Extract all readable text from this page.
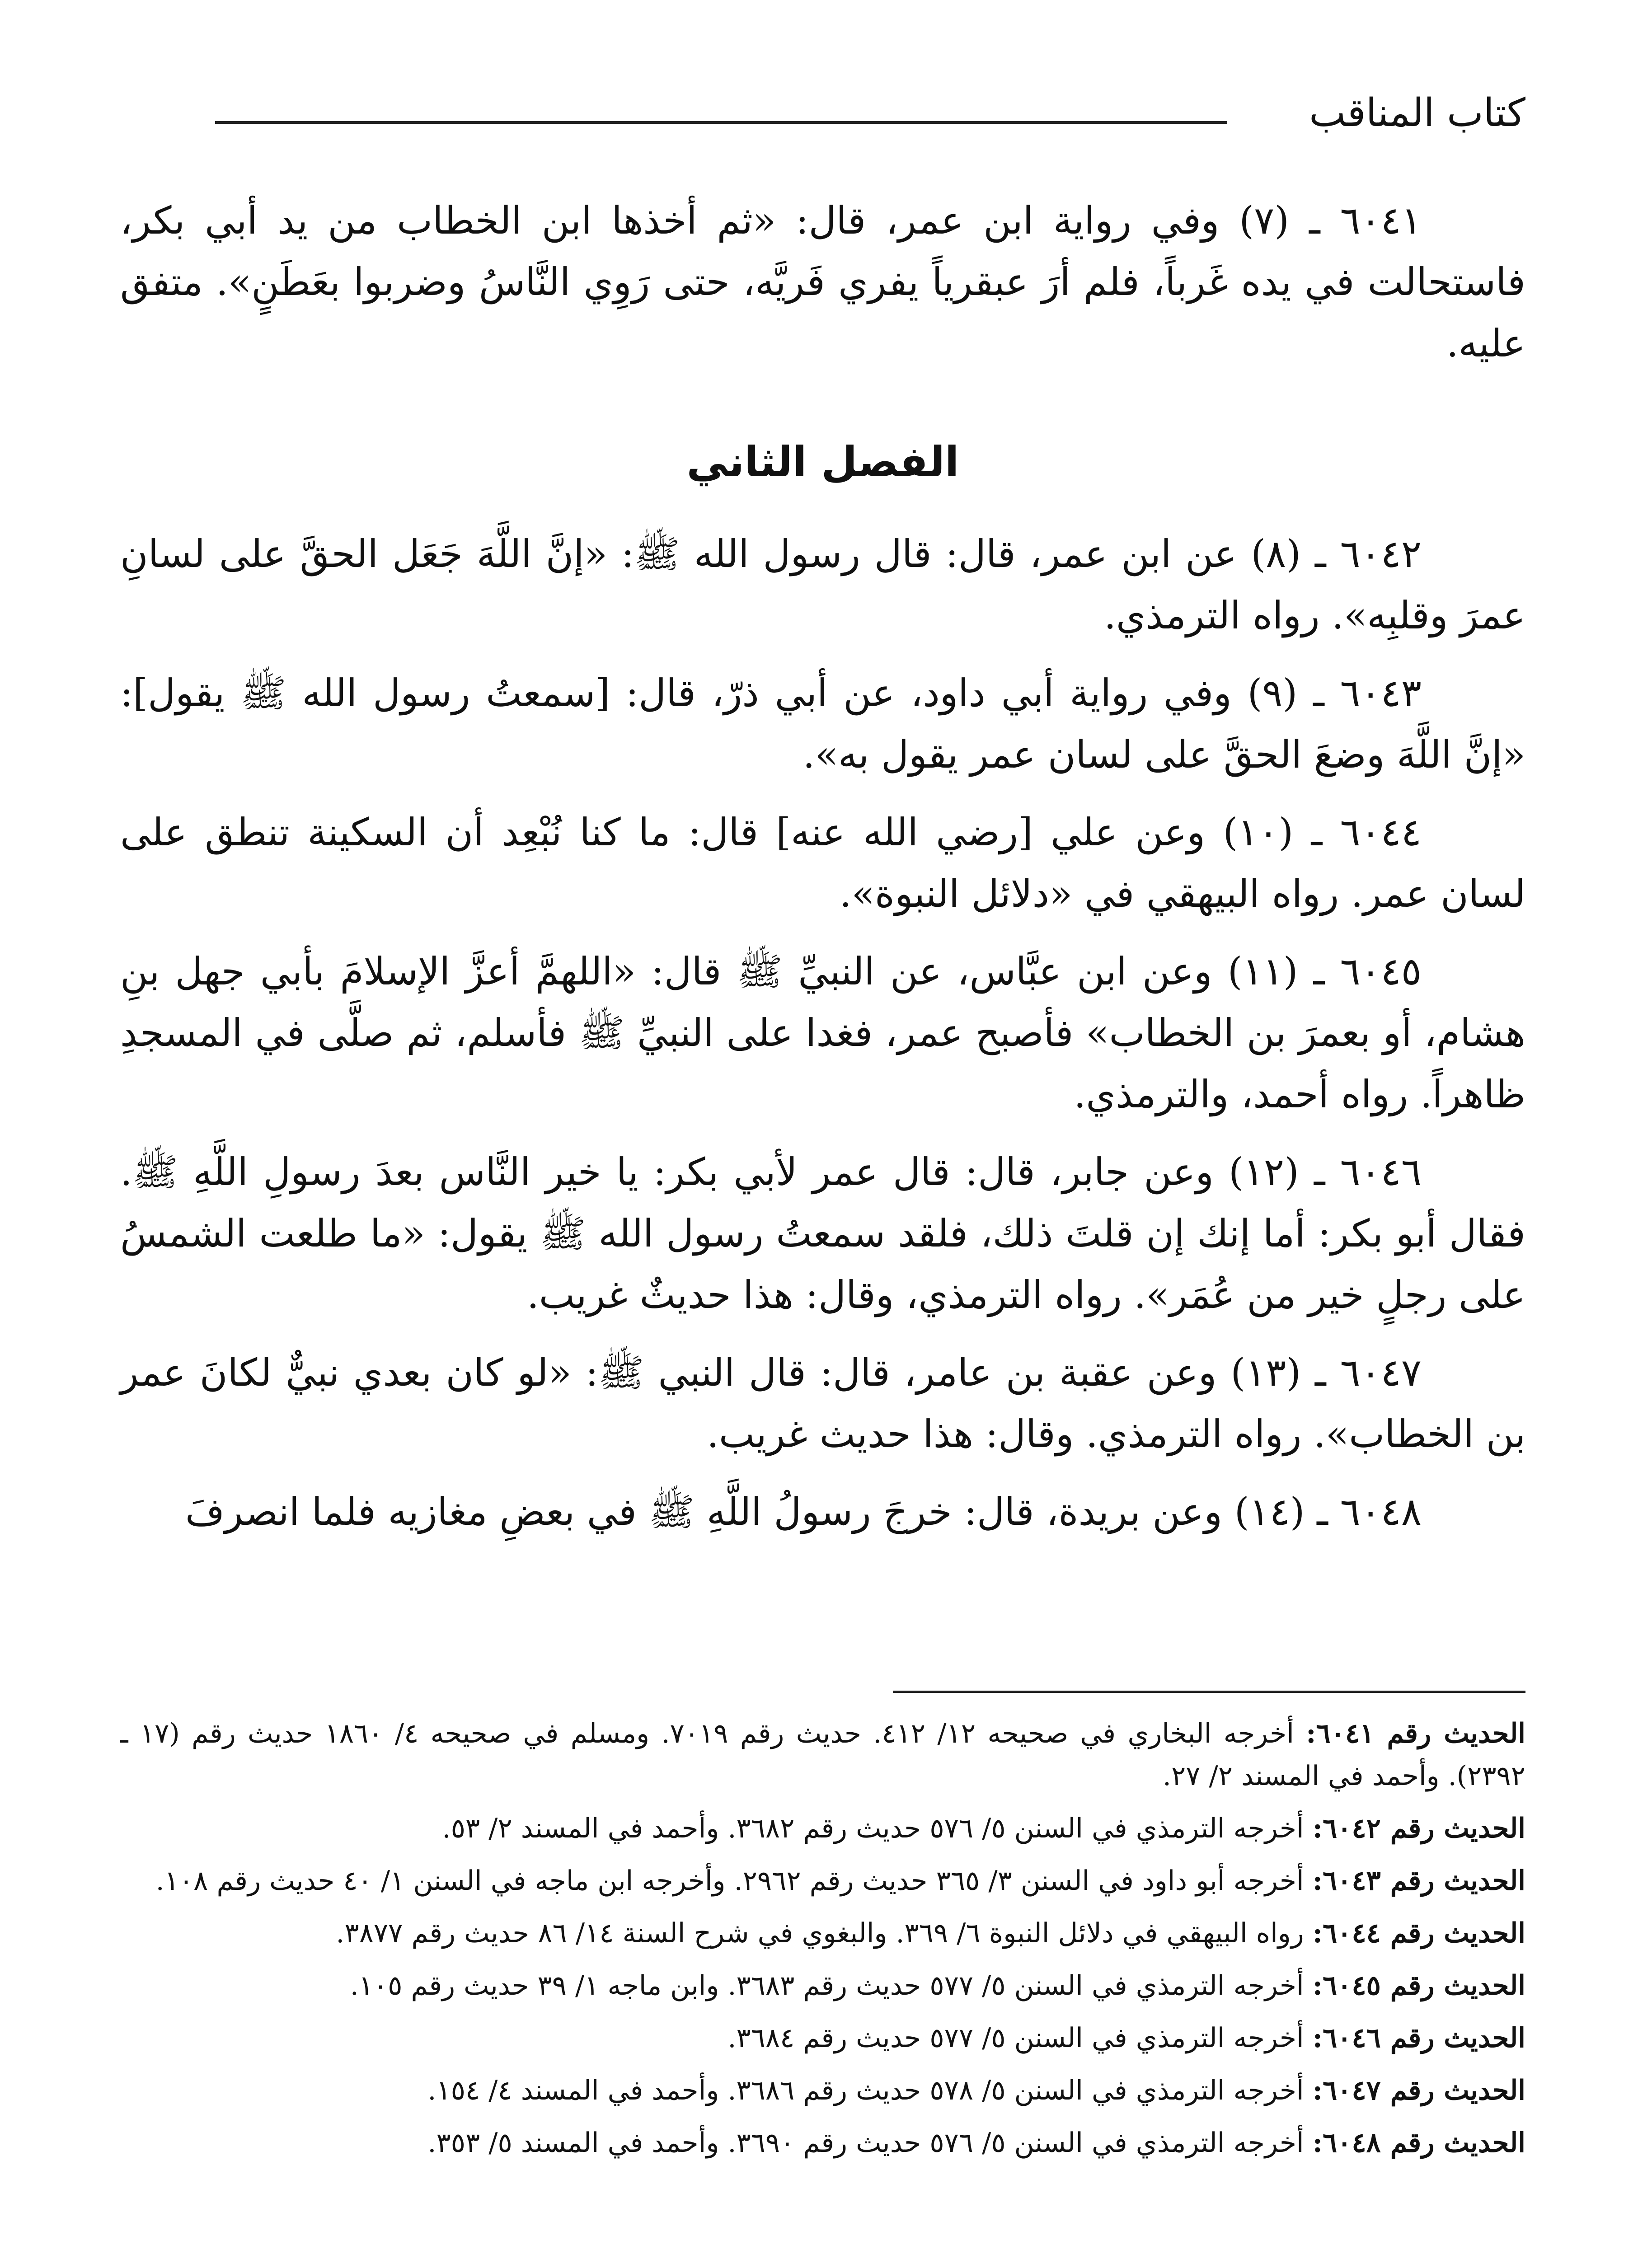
كتاب المناقب

٦٠٤١ ـ (٧) وفي رواية ابن عمر، قال: «ثم أخذها ابن الخطاب من يد أبي بكر، فاستحالت في يده غَرباً، فلم أرَ عبقرياً يفري فَريَّه، حتى رَوِي النَّاسُ وضربوا بعَطَنٍ». متفق عليه.

الفصل الثاني

٦٠٤٢ ـ (٨) عن ابن عمر، قال: قال رسول الله ﷺ: «إنَّ اللَّهَ جَعَل الحقَّ على لسانِ عمرَ وقلبِه». رواه الترمذي.

٦٠٤٣ ـ (٩) وفي رواية أبي داود، عن أبي ذرّ، قال: [سمعتُ رسول الله ﷺ يقول]: «إنَّ اللَّهَ وضعَ الحقَّ على لسان عمر يقول به».

٦٠٤٤ ـ (١٠) وعن علي [رضي الله عنه] قال: ما كنا نُبْعِد أن السكينة تنطق على لسان عمر. رواه البيهقي في «دلائل النبوة».

٦٠٤٥ ـ (١١) وعن ابن عبَّاس، عن النبيِّ ﷺ قال: «اللهمَّ أعزَّ الإسلامَ بأبي جهل بنِ هشام، أو بعمرَ بن الخطاب» فأصبح عمر، فغدا على النبيِّ ﷺ فأسلم، ثم صلَّى في المسجدِ ظاهراً. رواه أحمد، والترمذي.

٦٠٤٦ ـ (١٢) وعن جابر، قال: قال عمر لأبي بكر: يا خير النَّاس بعدَ رسولِ اللَّهِ ﷺ. فقال أبو بكر: أما إنك إن قلتَ ذلك، فلقد سمعتُ رسول الله ﷺ يقول: «ما طلعت الشمسُ على رجلٍ خير من عُمَر». رواه الترمذي، وقال: هذا حديثٌ غريب.

٦٠٤٧ ـ (١٣) وعن عقبة بن عامر، قال: قال النبي ﷺ: «لو كان بعدي نبيٌّ لكانَ عمر بن الخطاب». رواه الترمذي. وقال: هذا حديث غريب.

٦٠٤٨ ـ (١٤) وعن بريدة، قال: خرجَ رسولُ اللَّهِ ﷺ في بعضِ مغازيه فلما انصرفَ

الحديث رقم ٦٠٤١: أخرجه البخاري في صحيحه ١٢/ ٤١٢. حديث رقم ٧٠١٩. ومسلم في صحيحه ٤/ ١٨٦٠ حديث رقم (١٧ ـ ٢٣٩٢). وأحمد في المسند ٢/ ٢٧.

الحديث رقم ٦٠٤٢: أخرجه الترمذي في السنن ٥/ ٥٧٦ حديث رقم ٣٦٨٢. وأحمد في المسند ٢/ ٥٣.

الحديث رقم ٦٠٤٣: أخرجه أبو داود في السنن ٣/ ٣٦٥ حديث رقم ٢٩٦٢. وأخرجه ابن ماجه في السنن ١/ ٤٠ حديث رقم ١٠٨.

الحديث رقم ٦٠٤٤: رواه البيهقي في دلائل النبوة ٦/ ٣٦٩. والبغوي في شرح السنة ١٤/ ٨٦ حديث رقم ٣٨٧٧.

الحديث رقم ٦٠٤٥: أخرجه الترمذي في السنن ٥/ ٥٧٧ حديث رقم ٣٦٨٣. وابن ماجه ١/ ٣٩ حديث رقم ١٠٥.

الحديث رقم ٦٠٤٦: أخرجه الترمذي في السنن ٥/ ٥٧٧ حديث رقم ٣٦٨٤.

الحديث رقم ٦٠٤٧: أخرجه الترمذي في السنن ٥/ ٥٧٨ حديث رقم ٣٦٨٦. وأحمد في المسند ٤/ ١٥٤.

الحديث رقم ٦٠٤٨: أخرجه الترمذي في السنن ٥/ ٥٧٦ حديث رقم ٣٦٩٠. وأحمد في المسند ٥/ ٣٥٣.
